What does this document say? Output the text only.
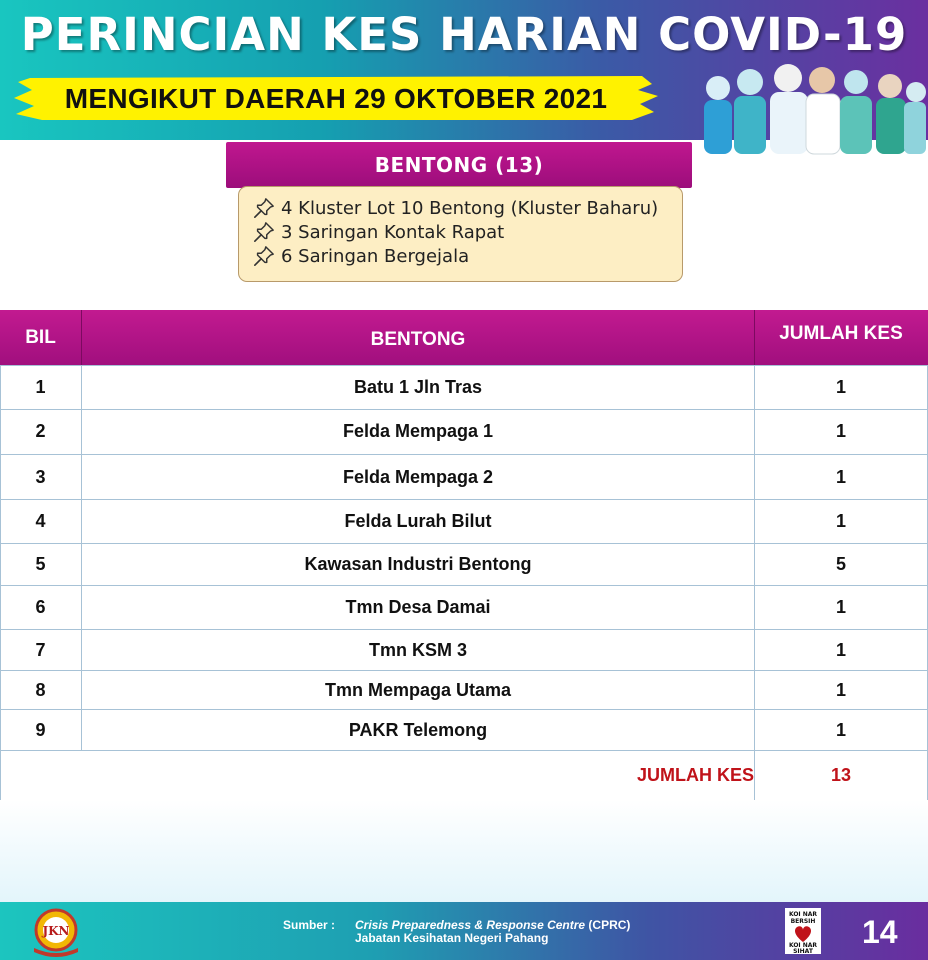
PERINCIAN KES HARIAN COVID-19
MENGIKUT DAERAH 29 OKTOBER 2021
BENTONG (13)
4 Kluster Lot 10 Bentong (Kluster Baharu)
3 Saringan Kontak Rapat
6 Saringan Bergejala
BIL	BENTONG	JUMLAH KES
1	Batu 1 Jln Tras	1
2	Felda Mempaga 1	1
3	Felda Mempaga 2	1
4	Felda Lurah Bilut	1
5	Kawasan Industri Bentong	5
6	Tmn Desa Damai	1
7	Tmn KSM 3	1
8	Tmn Mempaga Utama	1
9	PAKR Telemong	1
JUMLAH KES	13
JKN	Sumber : Crisis Preparedness & Response Centre (CPRC)
Jabatan Kesihatan Negeri Pahang
KOI NAR
BERSIH
KOI NAR
SIHAT
14
